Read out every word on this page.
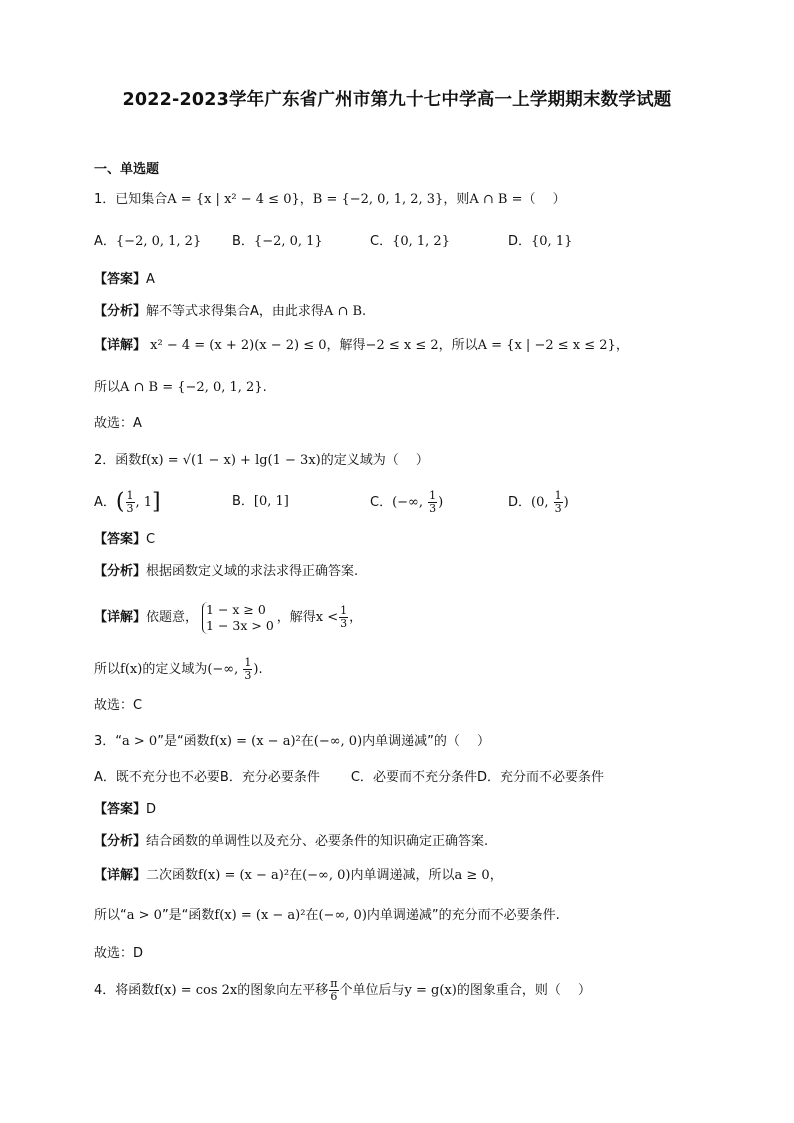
2022-2023学年广东省广州市第九十七中学高一上学期期末数学试题
一、单选题
1．已知集合A = {x | x² − 4 ≤ 0}，B = {−2, 0, 1, 2, 3}，则A ∩ B =（　 ）
A．{−2, 0, 1, 2} B．{−2, 0, 1}	C．{0, 1, 2}	D．{0, 1}
【答案】A
【分析】解不等式求得集合A，由此求得A ∩ B.
【详解】 x² − 4 = (x + 2)(x − 2) ≤ 0，解得−2 ≤ x ≤ 2，所以A = {x | −2 ≤ x ≤ 2}，
所以A ∩ B = {−2, 0, 1, 2}.
故选：A
2．函数f(x) = √(1 − x) + lg(1 − 3x)的定义域为（　 ）
A．( $\frac{1}{3}$ , 1]	B．[0, 1]	C．(−∞, $\frac{1}{3}$ )	D．(0, $\frac{1}{3}$ )
【答案】C
【分析】根据函数定义域的求法求得正确答案.
【详解】依题意，
1 − x ≥ 0
1 − 3x > 0 ，解得$x < \frac{1}{3}$ ，
所以f(x)的定义域为(−∞, $\frac{1}{3}$ ).
故选：C
3．“a > 0”是“函数f(x) = (x − a)²在(−∞, 0)内单调递减”的（　 ）
A．既不充分也不必要B．充分必要条件 C．必要而不充分条件D．充分而不必要条件
【答案】D
【分析】结合函数的单调性以及充分、必要条件的知识确定正确答案.
【详解】二次函数f(x) = (x − a)²在(−∞, 0)内单调递减，所以a ≥ 0，
所以“a > 0”是“函数f(x) = (x − a)²在(−∞, 0)内单调递减”的充分而不必要条件.
故选：D
4．将函数f(x) = cos 2x的图象向左平移 $\frac{\pi}{6}$ 个单位后与y = g(x)的图象重合，则（　 ）
